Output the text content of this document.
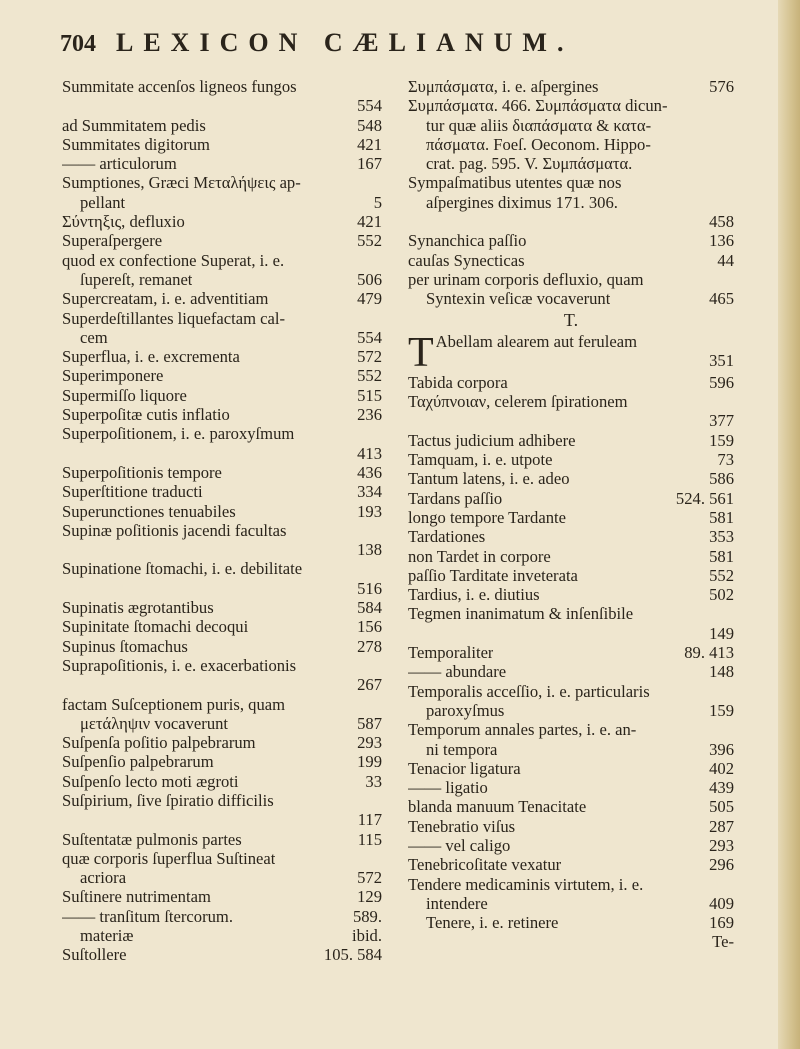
704 LEXICON CÆLIANUM.
Summitate accenſos ligneos fungos
554
ad Summitatem pedis	548
Summitates digitorum	421
—— articulorum	167
Sumptiones, Græci Μεταλήψεις ap-
pellant	5
Σύντηξις, defluxio	421
Superaſpergere	552
quod ex confectione Superat, i. e.
ſupereſt, remanet	506
Supercreatam, i. e. adventitiam	479
Superdeſtillantes liquefactam cal-
cem	554
Superflua, i. e. excrementa	572
Superimponere	552
Supermiſſo liquore	515
Superpoſitæ cutis inflatio	236
Superpoſitionem, i. e. paroxyſmum
413
Superpoſitionis tempore	436
Superſtitione traducti	334
Superunctiones tenuabiles	193
Supinæ poſitionis jacendi facultas
138
Supinatione ſtomachi, i. e. debilitate
516
Supinatis ægrotantibus	584
Supinitate ſtomachi decoqui	156
Supinus ſtomachus	278
Suprapoſitionis, i. e. exacerbationis
267
factam Suſceptionem puris, quam
μετάληψιν vocaverunt	587
Suſpenſa poſitio palpebrarum	293
Suſpenſio palpebrarum	199
Suſpenſo lecto moti ægroti	33
Suſpirium, ſive ſpiratio difficilis
117
Suſtentatæ pulmonis partes	115
quæ corporis ſuperflua Suſtineat
acriora	572
Suſtinere nutrimentam	129
—— tranſitum ſtercorum.	589.
materiæ	ibid.
Suſtollere	105. 584
Συμπάσματα, i. e. aſpergines	576
Συμπάσματα. 466. Συμπάσματα dicun-
tur quæ aliis διαπάσματα & κατα-
πάσματα. Foeſ. Oeconom. Hippo-
crat. pag. 595. V. Συμπάσματα.
Sympaſmatibus utentes quæ nos
aſpergines diximus 171. 306.
458
Synanchica paſſio	136
cauſas Synecticas	44
per urinam corporis defluxio, quam
Syntexin veſicæ vocaverunt	465
T.
T Abellam alearem aut feruleam
351
Tabida corpora	596
Ταχύπνοιαν, celerem ſpirationem
377
Tactus judicium adhibere	159
Tamquam, i. e. utpote	73
Tantum latens, i. e. adeo	586
Tardans paſſio	524. 561
longo tempore Tardante	581
Tardationes	353
non Tardet in corpore	581
paſſio Tarditate inveterata	552
Tardius, i. e. diutius	502
Tegmen inanimatum & inſenſibile
149
Temporaliter	89. 413
—— abundare	148
Temporalis acceſſio, i. e. particularis
paroxyſmus	159
Temporum annales partes, i. e. an-
ni tempora	396
Tenacior ligatura	402
—— ligatio	439
blanda manuum Tenacitate	505
Tenebratio viſus	287
—— vel caligo	293
Tenebricoſitate vexatur	296
Tendere medicaminis virtutem, i. e.
intendere	409
Tenere, i. e. retinere	169
Te-
